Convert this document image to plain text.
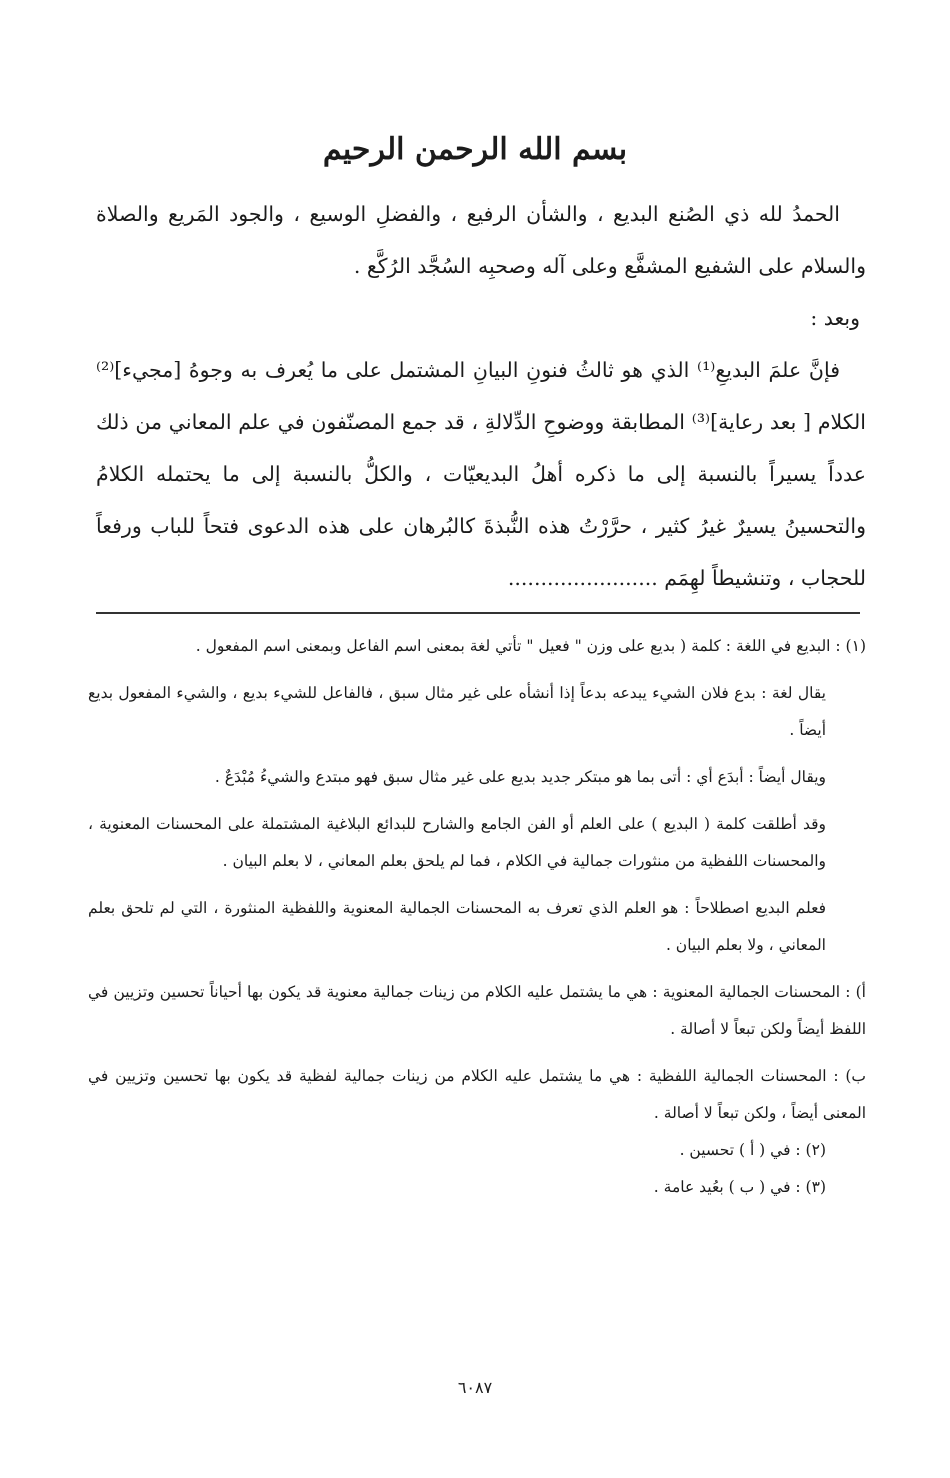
بسم الله الرحمن الرحيم

الحمدُ لله ذي الصُنع البديع ، والشأن الرفيع ، والفضلِ الوسيع ، والجود المَريع والصلاة والسلام على الشفيع المشفَّع وعلى آله وصحبِه السُجَّد الرُكَّع .

وبعد :

فإنَّ علمَ البديعِ⁽¹⁾ الذي هو ثالثُ فنونِ البيانِ المشتمل على ما يُعرف به وجوهُ [مجيء]⁽²⁾ الكلام [ بعد رعاية]⁽³⁾ المطابقة ووضوحِ الدِّلالةِ ، قد جمع المصنّفون في علم المعاني من ذلك عدداً يسيراً بالنسبة إلى ما ذكره أهلُ البديعيّات ، والكلُّ بالنسبة إلى ما يحتمله الكلامُ والتحسينُ يسيرٌ غيرُ كثير ، حرَّرْتُ هذه النُّبذةَ كالبُرهان على هذه الدعوى فتحاً للباب ورفعاً للحجاب ، وتنشيطاً لهِمَم .......................

(١) : البديع في اللغة : كلمة ( بديع على وزن " فعيل " تأتي لغة بمعنى اسم الفاعل وبمعنى اسم المفعول .

يقال لغة : بدع فلان الشيء يبدعه بدعاً إذا أنشأه على غير مثال سبق ، فالفاعل للشيء بديع ، والشيء المفعول بديع أيضاً .

ويقال أيضاً : أبدَع أي : أتى بما هو مبتكر جديد بديع على غير مثال سبق فهو مبتدع والشيءُ مُبْدَعٌ .

وقد أطلقت كلمة ( البديع ) على العلم أو الفن الجامع والشارح للبدائع البلاغية المشتملة على المحسنات المعنوية ، والمحسنات اللفظية من منثورات جمالية في الكلام ، فما لم يلحق بعلم المعاني ، لا بعلم البيان .

فعلم البديع اصطلاحاً : هو العلم الذي تعرف به المحسنات الجمالية المعنوية واللفظية المنثورة ، التي لم تلحق بعلم المعاني ، ولا بعلم البيان .

أ) : المحسنات الجمالية المعنوية : هي ما يشتمل عليه الكلام من زينات جمالية معنوية قد يكون بها أحياناً تحسين وتزيين في اللفظ أيضاً ولكن تبعاً لا أصالة .

ب) : المحسنات الجمالية اللفظية : هي ما يشتمل عليه الكلام من زينات جمالية لفظية قد يكون بها تحسين وتزيين في المعنى أيضاً ، ولكن تبعاً لا أصالة .

(٢) : في ( أ ) تحسين .

(٣) : في ( ب ) بعُيد عامة .

٦٠٨٧
